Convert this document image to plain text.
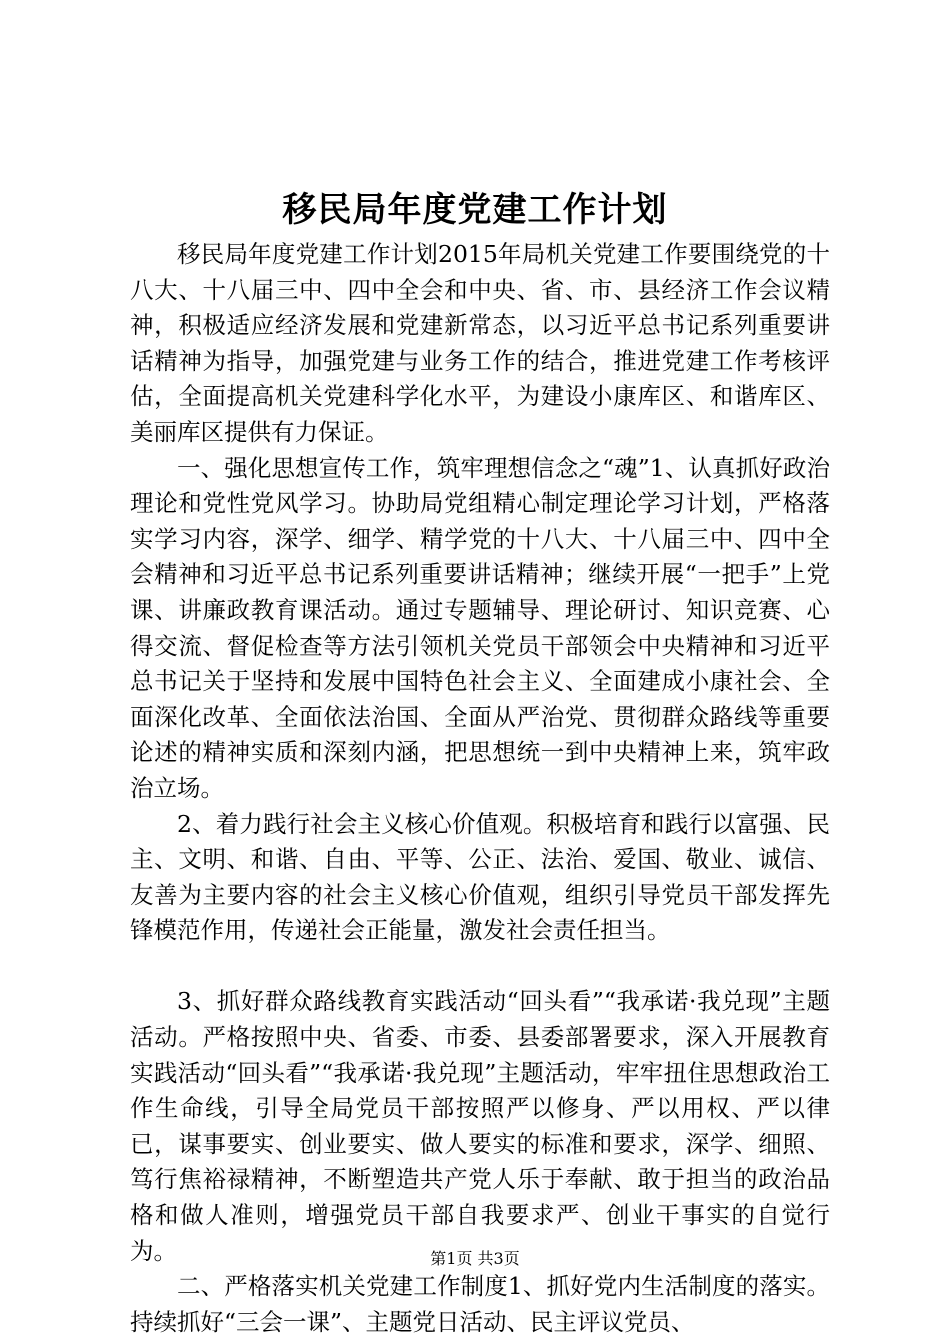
移民局年度党建工作计划

移民局年度党建工作计划2015年局机关党建工作要围绕党的十八大、十八届三中、四中全会和中央、省、市、县经济工作会议精神，积极适应经济发展和党建新常态，以习近平总书记系列重要讲话精神为指导，加强党建与业务工作的结合，推进党建工作考核评估，全面提高机关党建科学化水平，为建设小康库区、和谐库区、美丽库区提供有力保证。

一、强化思想宣传工作，筑牢理想信念之“魂”1、认真抓好政治理论和党性党风学习。协助局党组精心制定理论学习计划，严格落实学习内容，深学、细学、精学党的十八大、十八届三中、四中全会精神和习近平总书记系列重要讲话精神；继续开展“一把手”上党课、讲廉政教育课活动。通过专题辅导、理论研讨、知识竞赛、心得交流、督促检查等方法引领机关党员干部领会中央精神和习近平总书记关于坚持和发展中国特色社会主义、全面建成小康社会、全面深化改革、全面依法治国、全面从严治党、贯彻群众路线等重要论述的精神实质和深刻内涵，把思想统一到中央精神上来，筑牢政治立场。

2、着力践行社会主义核心价值观。积极培育和践行以富强、民主、文明、和谐、自由、平等、公正、法治、爱国、敬业、诚信、友善为主要内容的社会主义核心价值观，组织引导党员干部发挥先锋模范作用，传递社会正能量，激发社会责任担当。

3、抓好群众路线教育实践活动“回头看”“我承诺·我兑现”主题活动。严格按照中央、省委、市委、县委部署要求，深入开展教育实践活动“回头看”“我承诺·我兑现”主题活动，牢牢扭住思想政治工作生命线，引导全局党员干部按照严以修身、严以用权、严以律已，谋事要实、创业要实、做人要实的标准和要求，深学、细照、笃行焦裕禄精神，不断塑造共产党人乐于奉献、敢于担当的政治品格和做人准则，增强党员干部自我要求严、创业干事实的自觉行为。

二、严格落实机关党建工作制度1、抓好党内生活制度的落实。持续抓好“三会一课”、主题党日活动、民主评议党员、

第1页 共3页
